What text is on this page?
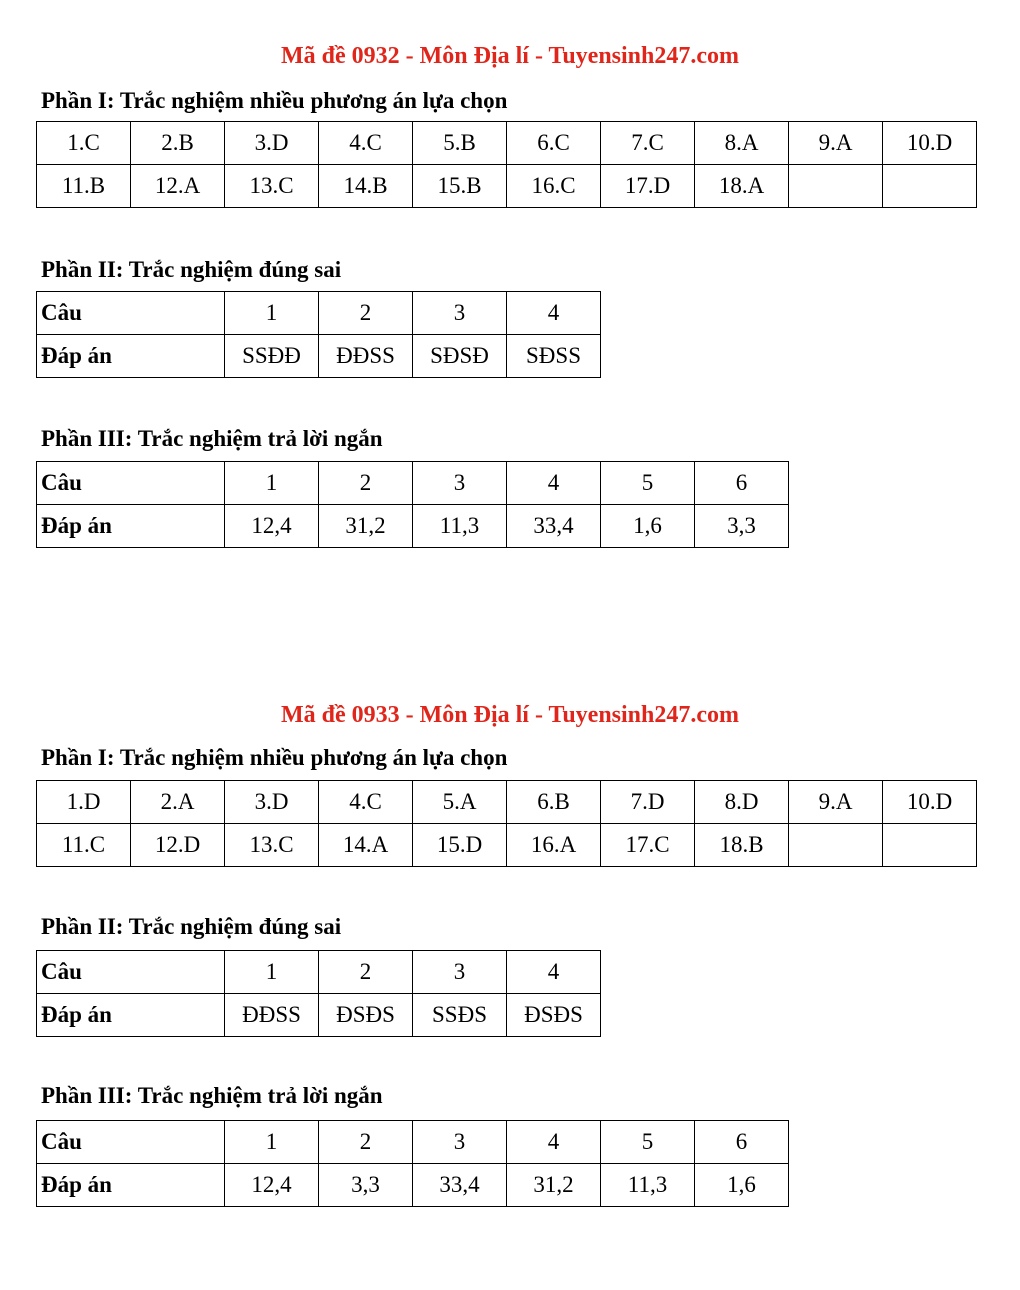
Mã đề 0932 - Môn Địa lí - Tuyensinh247.com
Phần I: Trắc nghiệm nhiều phương án lựa chọn
1.C	2.B	3.D	4.C	5.B	6.C	7.C	8.A	9.A	10.D
11.B	12.A	13.C	14.B	15.B	16.C	17.D	18.A		
Phần II: Trắc nghiệm đúng sai
Câu	1	2	3	4
Đáp án	SSĐĐ	ĐĐSS	SĐSĐ	SĐSS
Phần III: Trắc nghiệm trả lời ngắn
Câu	1	2	3	4	5	6
Đáp án	12,4	31,2	11,3	33,4	1,6	3,3
Mã đề 0933 - Môn Địa lí - Tuyensinh247.com
Phần I: Trắc nghiệm nhiều phương án lựa chọn
1.D	2.A	3.D	4.C	5.A	6.B	7.D	8.D	9.A	10.D
11.C	12.D	13.C	14.A	15.D	16.A	17.C	18.B		
Phần II: Trắc nghiệm đúng sai
Câu	1	2	3	4
Đáp án	ĐĐSS	ĐSĐS	SSĐS	ĐSĐS
Phần III: Trắc nghiệm trả lời ngắn
Câu	1	2	3	4	5	6
Đáp án	12,4	3,3	33,4	31,2	11,3	1,6
